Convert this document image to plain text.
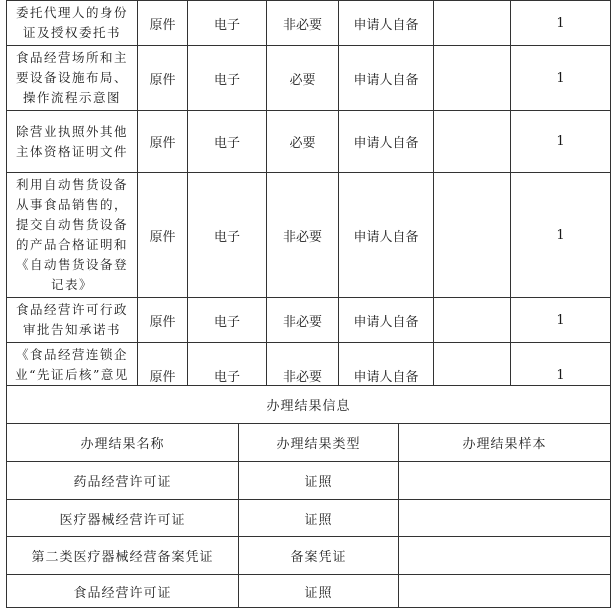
委托代理人的身份证及授权委托书	原件	电子	非必要	申请人自备		1
食品经营场所和主要设备设施布局、操作流程示意图	原件	电子	必要	申请人自备		1
除营业执照外其他主体资格证明文件	原件	电子	必要	申请人自备		1
利用自动售货设备从事食品销售的，提交自动售货设备的产品合格证明和《自动售货设备登记表》	原件	电子	非必要	申请人自备		1
食品经营许可行政审批告知承诺书	原件	电子	非必要	申请人自备		1
《食品经营连锁企业“先证后核”意见	原件	电子	非必要	申请人自备		1
办理结果信息		
办理结果名称	办理结果类型	办理结果样本
药品经营许可证	证照	
医疗器械经营许可证	证照	
第二类医疗器械经营备案凭证	备案凭证	
食品经营许可证	证照	
